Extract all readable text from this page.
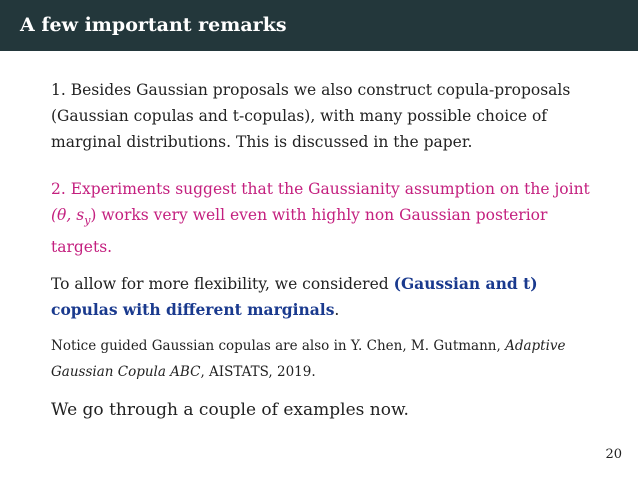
A few important remarks
1. Besides Gaussian proposals we also construct copula-proposals
(Gaussian copulas and t-copulas), with many possible choice of
marginal distributions. This is discussed in the paper.
2. Experiments suggest that the Gaussianity assumption on the joint
(θ, $s_y$) works very well even with highly non Gaussian posterior
targets.
To allow for more flexibility, we considered (Gaussian and t)
copulas with different marginals.
Notice guided Gaussian copulas are also in Y. Chen, M. Gutmann, Adaptive
Gaussian Copula ABC, AISTATS, 2019.
We go through a couple of examples now.
20
